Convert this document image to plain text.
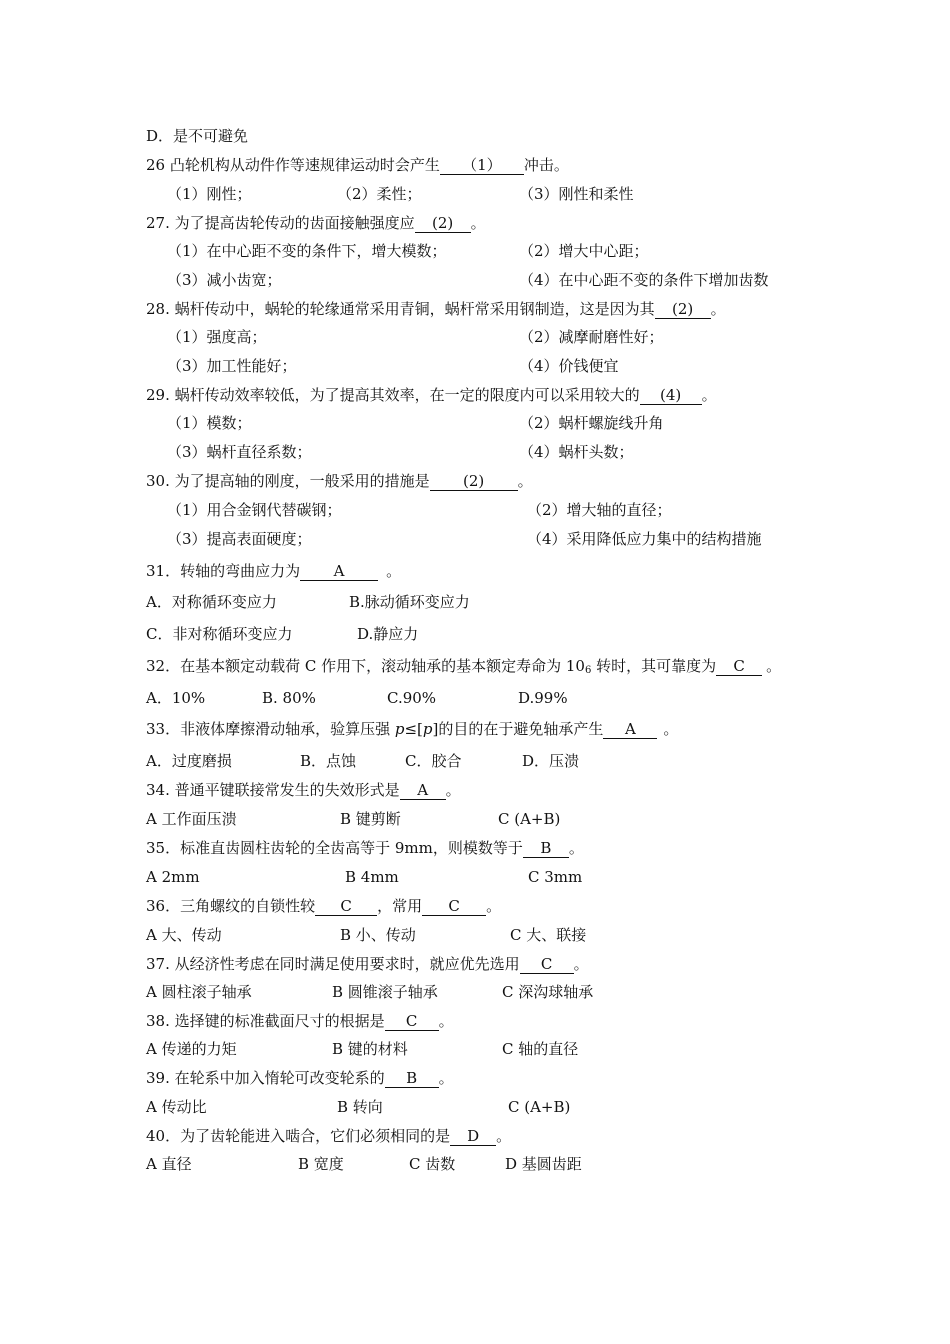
D．是不可避免
26 凸轮机构从动件作等速规律运动时会产生 （1） 冲击。
（1）刚性；	（2）柔性；	（3）刚性和柔性
27. 为了提高齿轮传动的齿面接触强度应 (2) 。
（1）在中心距不变的条件下，增大模数；	（2）增大中心距；
（3）减小齿宽；	（4）在中心距不变的条件下增加齿数
28. 蜗杆传动中，蜗轮的轮缘通常采用青铜，蜗杆常采用钢制造，这是因为其 (2) 。
（1）强度高；	（2）减摩耐磨性好；
（3）加工性能好；	（4）价钱便宜
29. 蜗杆传动效率较低，为了提高其效率，在一定的限度内可以采用较大的 (4) 。
（1）模数；	（2）蜗杆螺旋线升角
（3）蜗杆直径系数；	（4）蜗杆头数；
30. 为了提高轴的刚度，一般采用的措施是 (2) 。
（1）用合金钢代替碳钢；	（2）增大轴的直径；
（3）提高表面硬度；	（4）采用降低应力集中的结构措施
31．转轴的弯曲应力为 A	。
A．对称循环变应力	B.脉动循环变应力
C．非对称循环变应力	D.静应力
32．在基本额定动载荷 C 作用下，滚动轴承的基本额定寿命为 106 转时，其可靠度为 C 。
A．10%	B. 80%	C.90%	D.99%
33．非液体摩擦滑动轴承，验算压强 p≤[p]的目的在于避免轴承产生 A 。
A．过度磨损	B．点蚀	C．胶合	D．压溃
34. 普通平键联接常发生的失效形式是 A 。
A 工作面压溃	B 键剪断	C (A+B)
35．标准直齿圆柱齿轮的全齿高等于 9mm，则模数等于 B 。
A 2mm	B 4mm	C 3mm
36．三角螺纹的自锁性较 C ，常用 C 。
A 大、传动	B 小、传动	C 大、联接
37. 从经济性考虑在同时满足使用要求时，就应优先选用 C 。
A 圆柱滚子轴承	B 圆锥滚子轴承	C 深沟球轴承
38. 选择键的标准截面尺寸的根据是 C 。
A 传递的力矩	B 键的材料	C 轴的直径
39. 在轮系中加入惰轮可改变轮系的 B 。
A 传动比	B 转向	C (A+B)
40．为了齿轮能进入啮合，它们必须相同的是 D 。
A 直径	B 宽度	C 齿数	D 基圆齿距
